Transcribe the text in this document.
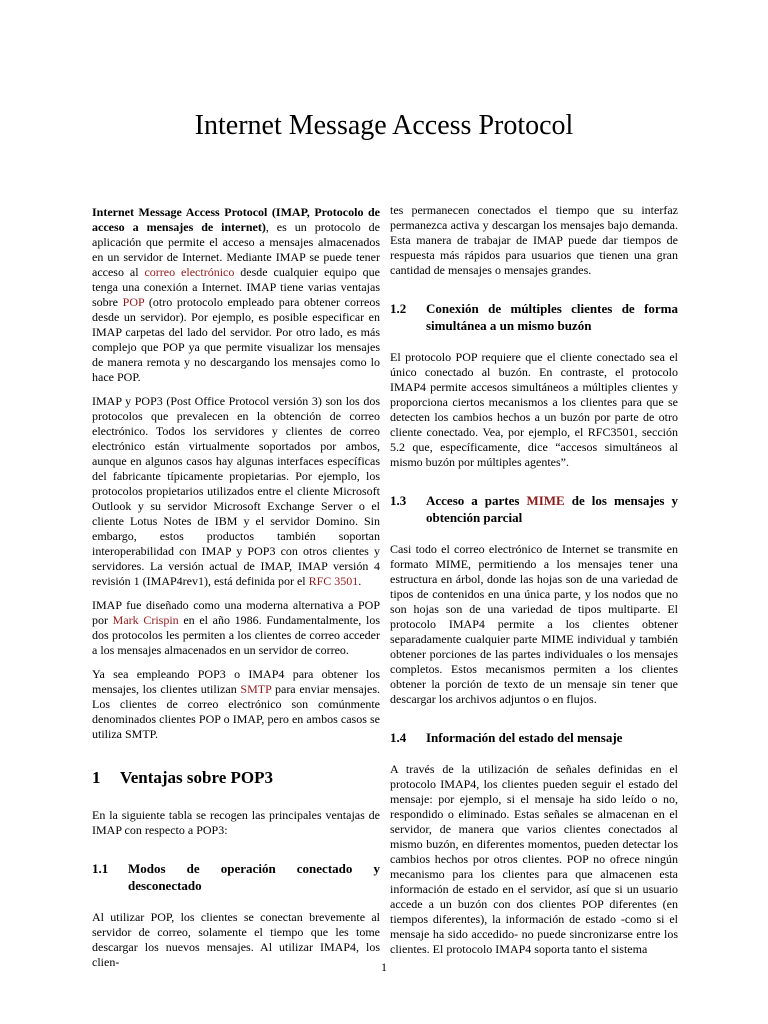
Internet Message Access Protocol

Internet Message Access Protocol (IMAP, Protocolo de acceso a mensajes de internet), es un protocolo de aplicación que permite el acceso a mensajes almacenados en un servidor de Internet. Mediante IMAP se puede tener acceso al correo electrónico desde cualquier equipo que tenga una conexión a Internet. IMAP tiene varias ventajas sobre POP (otro protocolo empleado para obtener correos desde un servidor). Por ejemplo, es posible especificar en IMAP carpetas del lado del servidor. Por otro lado, es más complejo que POP ya que permite visualizar los mensajes de manera remota y no descargando los mensajes como lo hace POP.

IMAP y POP3 (Post Office Protocol versión 3) son los dos protocolos que prevalecen en la obtención de correo electrónico. Todos los servidores y clientes de correo electrónico están virtualmente soportados por ambos, aunque en algunos casos hay algunas interfaces específicas del fabricante típicamente propietarias. Por ejemplo, los protocolos propietarios utilizados entre el cliente Microsoft Outlook y su servidor Microsoft Exchange Server o el cliente Lotus Notes de IBM y el servidor Domino. Sin embargo, estos productos también soportan interoperabilidad con IMAP y POP3 con otros clientes y servidores. La versión actual de IMAP, IMAP versión 4 revisión 1 (IMAP4rev1), está definida por el RFC 3501.

IMAP fue diseñado como una moderna alternativa a POP por Mark Crispin en el año 1986. Fundamentalmente, los dos protocolos les permiten a los clientes de correo acceder a los mensajes almacenados en un servidor de correo.

Ya sea empleando POP3 o IMAP4 para obtener los mensajes, los clientes utilizan SMTP para enviar mensajes. Los clientes de correo electrónico son comúnmente denominados clientes POP o IMAP, pero en ambos casos se utiliza SMTP.

1	Ventajas sobre POP3

En la siguiente tabla se recogen las principales ventajas de IMAP con respecto a POP3:

1.1	Modos de operación conectado y desconectado

Al utilizar POP, los clientes se conectan brevemente al servidor de correo, solamente el tiempo que les tome descargar los nuevos mensajes. Al utilizar IMAP4, los clien-

tes permanecen conectados el tiempo que su interfaz permanezca activa y descargan los mensajes bajo demanda. Esta manera de trabajar de IMAP puede dar tiempos de respuesta más rápidos para usuarios que tienen una gran cantidad de mensajes o mensajes grandes.

1.2	Conexión de múltiples clientes de forma simultánea a un mismo buzón

El protocolo POP requiere que el cliente conectado sea el único conectado al buzón. En contraste, el protocolo IMAP4 permite accesos simultáneos a múltiples clientes y proporciona ciertos mecanismos a los clientes para que se detecten los cambios hechos a un buzón por parte de otro cliente conectado. Vea, por ejemplo, el RFC3501, sección 5.2 que, específicamente, dice “accesos simultáneos al mismo buzón por múltiples agentes”.

1.3	Acceso a partes MIME de los mensajes y obtención parcial

Casi todo el correo electrónico de Internet se transmite en formato MIME, permitiendo a los mensajes tener una estructura en árbol, donde las hojas son de una variedad de tipos de contenidos en una única parte, y los nodos que no son hojas son de una variedad de tipos multiparte. El protocolo IMAP4 permite a los clientes obtener separadamente cualquier parte MIME individual y también obtener porciones de las partes individuales o los mensajes completos. Estos mecanismos permiten a los clientes obtener la porción de texto de un mensaje sin tener que descargar los archivos adjuntos o en flujos.

1.4	Información del estado del mensaje

A través de la utilización de señales definidas en el protocolo IMAP4, los clientes pueden seguir el estado del mensaje: por ejemplo, si el mensaje ha sido leído o no, respondido o eliminado. Estas señales se almacenan en el servidor, de manera que varios clientes conectados al mismo buzón, en diferentes momentos, pueden detectar los cambios hechos por otros clientes. POP no ofrece ningún mecanismo para los clientes para que almacenen esta información de estado en el servidor, así que si un usuario accede a un buzón con dos clientes POP diferentes (en tiempos diferentes), la información de estado -como si el mensaje ha sido accedido- no puede sincronizarse entre los clientes. El protocolo IMAP4 soporta tanto el sistema

1
